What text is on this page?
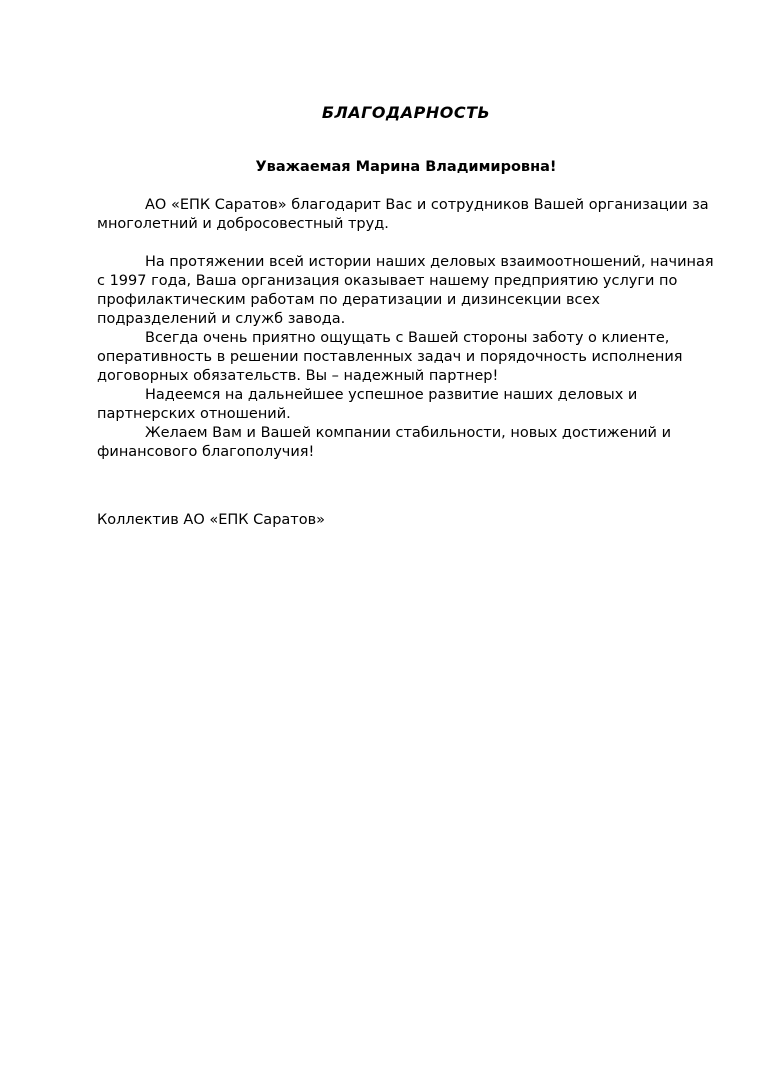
БЛАГОДАРНОСТЬ

Уважаемая Марина Владимировна!

АО «ЕПК Саратов» благодарит Вас и сотрудников Вашей организации за многолетний и добросовестный труд.

На протяжении всей истории наших деловых взаимоотношений, начиная с 1997 года, Ваша организация оказывает нашему предприятию услуги по профилактическим работам по дератизации и дизинсекции всех подразделений и служб завода.

Всегда очень приятно ощущать с Вашей стороны заботу о клиенте, оперативность в решении поставленных задач и порядочность исполнения договорных обязательств. Вы – надежный партнер!

Надеемся на дальнейшее успешное развитие наших деловых и партнерских отношений.

Желаем Вам и Вашей компании стабильности, новых достижений и финансового благополучия!

Коллектив АО «ЕПК Саратов»
